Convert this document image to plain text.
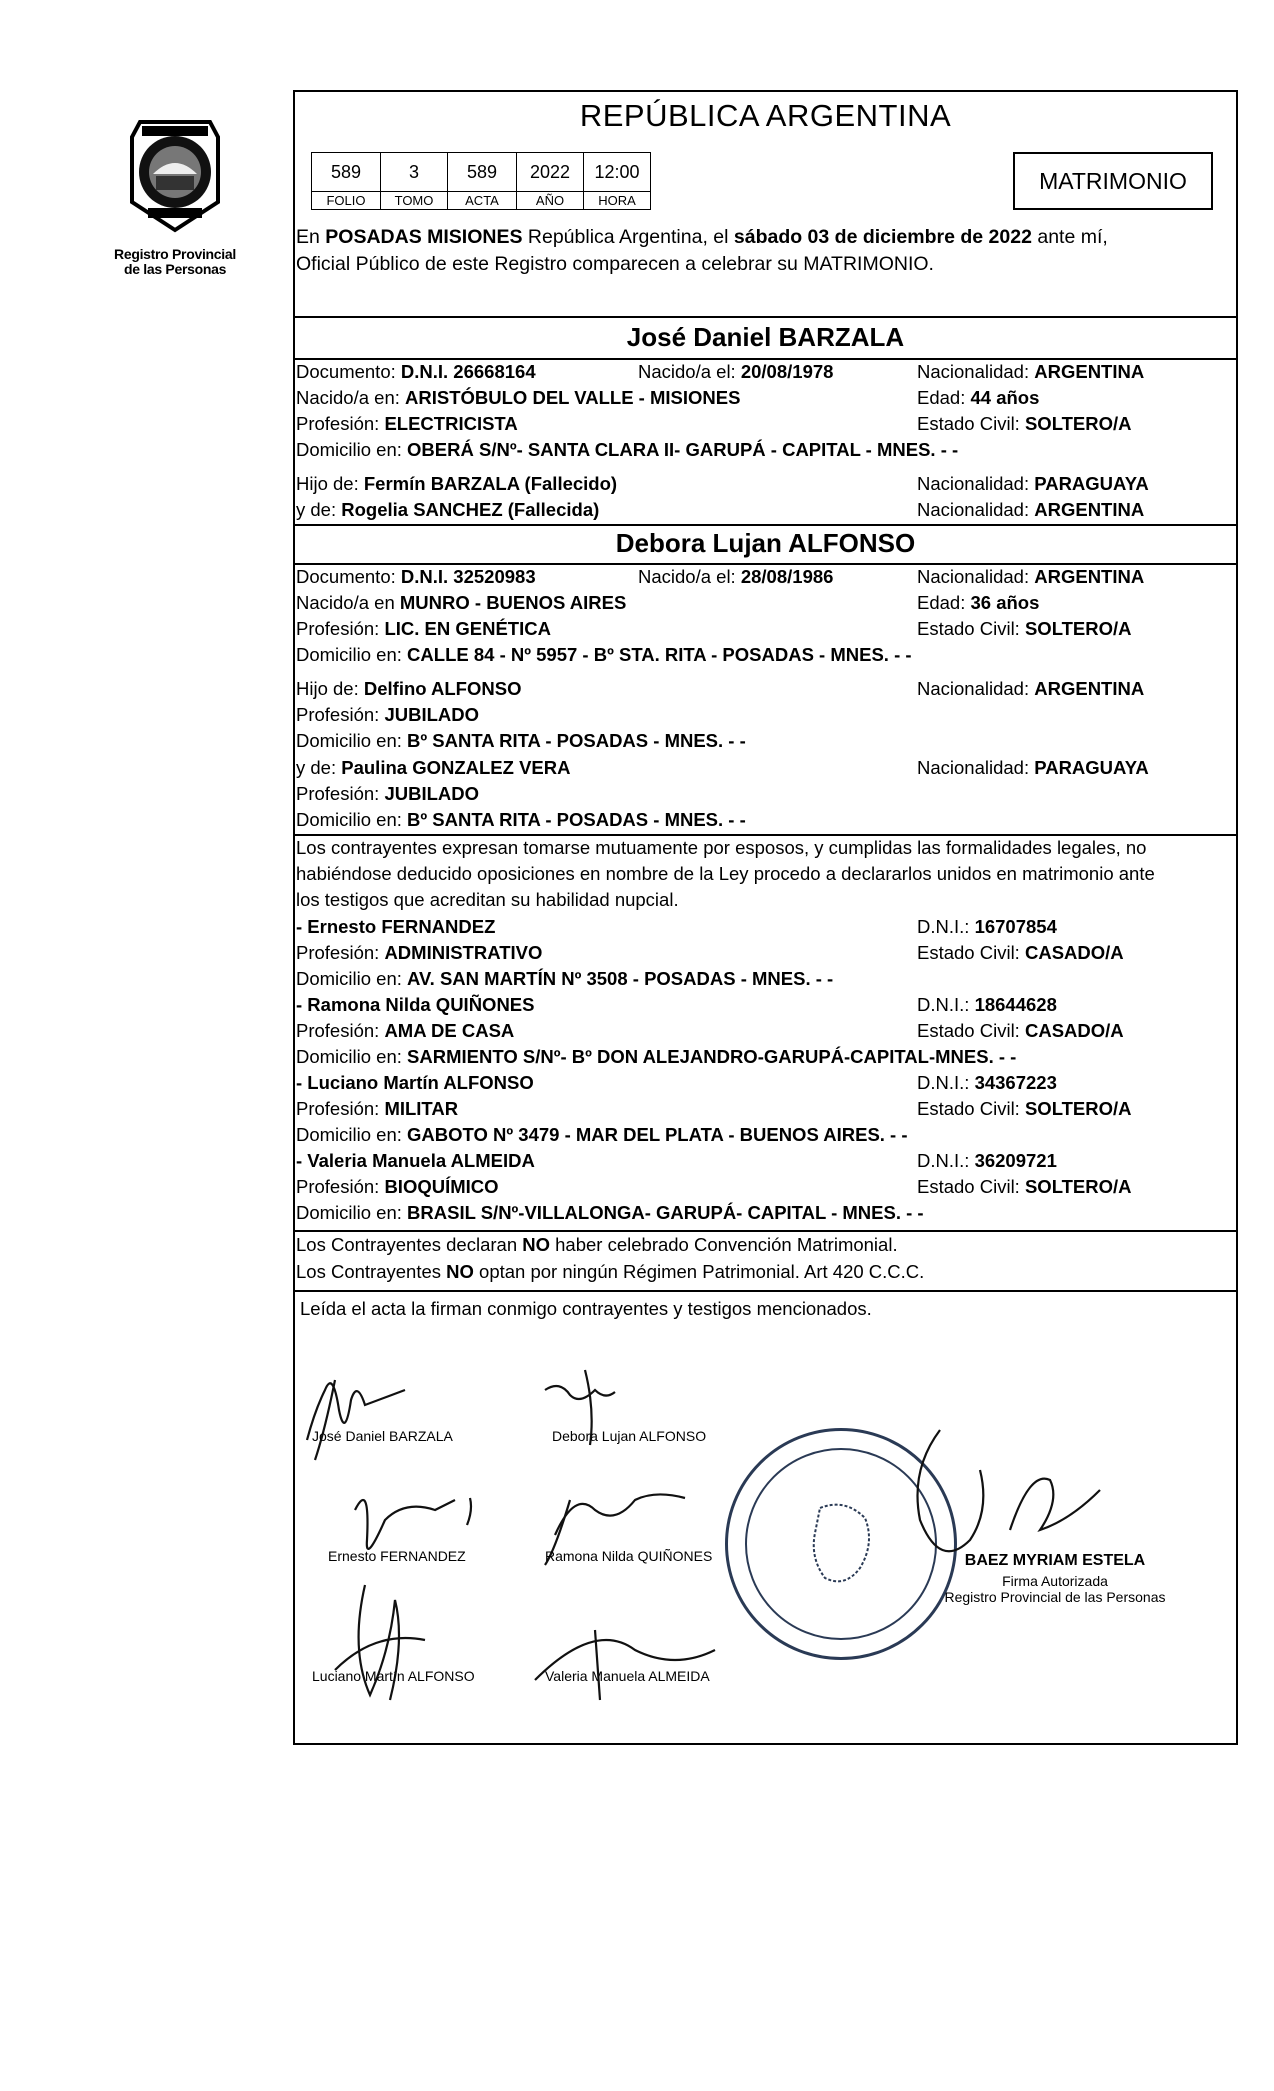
Registro Provincial
de las Personas
REPÚBLICA ARGENTINA
589	3	589	2022	12:00
FOLIO	TOMO	ACTA	AÑO	HORA
MATRIMONIO
En POSADAS MISIONES República Argentina, el sábado 03 de diciembre de 2022 ante mí,
Oficial Público de este Registro comparecen a celebrar su MATRIMONIO.
José Daniel BARZALA
Documento: D.N.I. 26668164	Nacido/a el: 20/08/1978	Nacionalidad: ARGENTINA
Nacido/a en: ARISTÓBULO DEL VALLE - MISIONES	Edad: 44 años
Profesión: ELECTRICISTA	Estado Civil: SOLTERO/A
Domicilio en: OBERÁ S/Nº- SANTA CLARA II- GARUPÁ - CAPITAL - MNES. - -
Hijo de: Fermín BARZALA (Fallecido)	Nacionalidad: PARAGUAYA
y de: Rogelia SANCHEZ (Fallecida)	Nacionalidad: ARGENTINA
Debora Lujan ALFONSO
Documento: D.N.I. 32520983	Nacido/a el: 28/08/1986	Nacionalidad: ARGENTINA
Nacido/a en MUNRO - BUENOS AIRES	Edad: 36 años
Profesión: LIC. EN GENÉTICA	Estado Civil: SOLTERO/A
Domicilio en: CALLE 84 - Nº 5957 - Bº STA. RITA - POSADAS - MNES. - -
Hijo de: Delfino ALFONSO	Nacionalidad: ARGENTINA
Profesión: JUBILADO
Domicilio en: Bº SANTA RITA - POSADAS - MNES. - -
y de: Paulina GONZALEZ VERA	Nacionalidad: PARAGUAYA
Profesión: JUBILADO
Domicilio en: Bº SANTA RITA - POSADAS - MNES. - -
Los contrayentes expresan tomarse mutuamente por esposos, y cumplidas las formalidades legales, no
habiéndose deducido oposiciones en nombre de la Ley procedo a declararlos unidos en matrimonio ante
los testigos que acreditan su habilidad nupcial.
- Ernesto FERNANDEZ	D.N.I.: 16707854
Profesión: ADMINISTRATIVO	Estado Civil: CASADO/A
Domicilio en: AV. SAN MARTÍN Nº 3508 - POSADAS - MNES. - -
- Ramona Nilda QUIÑONES	D.N.I.: 18644628
Profesión: AMA DE CASA	Estado Civil: CASADO/A
Domicilio en: SARMIENTO S/Nº- Bº DON ALEJANDRO-GARUPÁ-CAPITAL-MNES. - -
- Luciano Martín ALFONSO	D.N.I.: 34367223
Profesión: MILITAR	Estado Civil: SOLTERO/A
Domicilio en: GABOTO Nº 3479 - MAR DEL PLATA - BUENOS AIRES. - -
- Valeria Manuela ALMEIDA	D.N.I.: 36209721
Profesión: BIOQUÍMICO	Estado Civil: SOLTERO/A
Domicilio en: BRASIL S/Nº-VILLALONGA- GARUPÁ- CAPITAL - MNES. - -
Los Contrayentes declaran NO haber celebrado Convención Matrimonial.
Los Contrayentes NO optan por ningún Régimen Patrimonial. Art 420 C.C.C.
Leída el acta la firman conmigo contrayentes y testigos mencionados.
José Daniel BARZALA	Debora Lujan ALFONSO
Ernesto FERNANDEZ	Ramona Nilda QUIÑONES
Luciano Martín ALFONSO	Valeria Manuela ALMEIDA
BAEZ MYRIAM ESTELA
Firma Autorizada
Registro Provincial de las Personas
